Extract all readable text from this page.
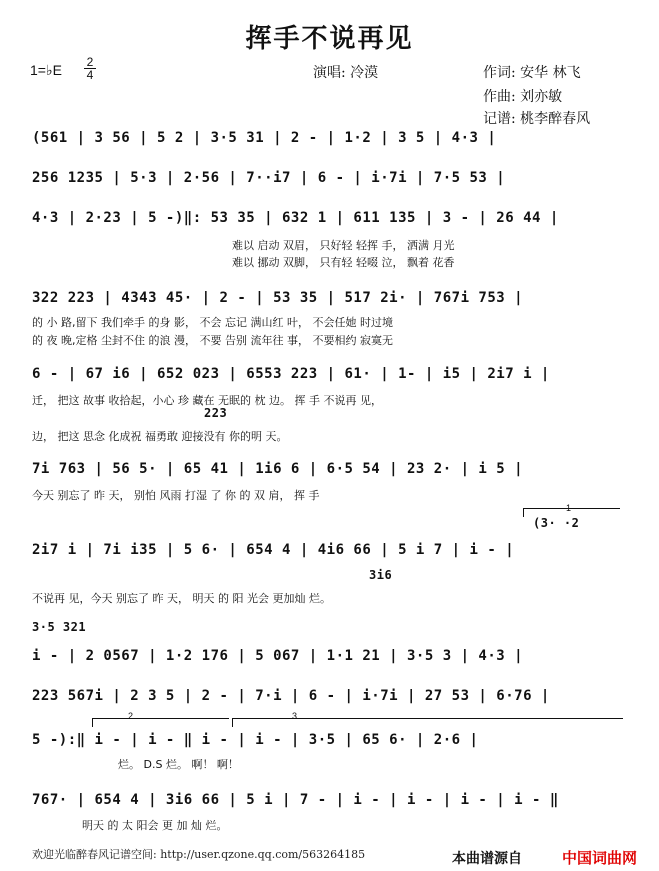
挥手不说再见
1=♭E 2
4	演唱: 冷漠	作词: 安华 林飞
作曲: 刘亦敏
记谱: 桃李醉春风
(561 | 3 56 | 5 2 | 3·5 31 | 2 - | 1·2 | 3 5 | 4·3 |
256 1235 | 5·3 | 2·56 | 7··i7 | 6 - | i·7i | 7·5 53 |
4·3 | 2·23 | 5 -)‖: 53 35 | 632 1 | 611 135 | 3 - | 26 44 |
难以 启动 双眉， 只好轻 轻挥 手， 洒满 月光
难以 挪动 双脚， 只有轻 轻啜 泣， 飘着 花香
322 223 | 4343 45· | 2 - | 53 35 | 517 2i· | 767i 753 |
的 小 路,留下 我们牵手 的身 影， 不会 忘记 满山红 叶， 不会任她 时过境
的 夜 晚,定格 尘封不住 的浪 漫， 不要 告别 流年往 事， 不要相约 寂寞无
6 - | 67 i6 | 652 023 | 6553 223 | 61· | 1- | i5 | 2i7 i |
迁， 把这 故事 收拾起，小心 珍 藏在 无眠的 枕 边。 挥 手 不说再 见，
223
边， 把这 思念 化成祝 福勇敢 迎接没有 你的明 天。
7i 763 | 56 5· | 65 41 | 1i6 6 | 6·5 54 | 23 2· | i 5 |
今天 别忘了 昨 天， 别怕 风雨 打湿 了 你 的 双 肩， 挥 手
1
(3· ·2
2i7 i | 7i i35 | 5 6· | 654 4 | 4i6 66 | 5 i 7 | i - |
3i6
不说再 见，今天 别忘了 昨 天， 明天 的 阳 光会 更加灿 烂。
3·5 321
i - | 2 0567 | 1·2 176 | 5 067 | 1·1 21 | 3·5 3 | 4·3 |
223 567i | 2 3 5 | 2 - | 7·i | 6 - | i·7i | 27 53 | 6·76 |
2	3
5 -):‖ i - | i - ‖ i - | i - | 3·5 | 65 6· | 2·6 |
烂。 D.S 烂。 啊！ 啊！
767· | 654 4 | 3i6 66 | 5 i | 7 - | i - | i - | i - | i - ‖
明天 的 太 阳会 更 加 灿 烂。
欢迎光临醉春风记谱空间: http://user.qzone.qq.com/563264185	本曲谱源自	中国词曲网
